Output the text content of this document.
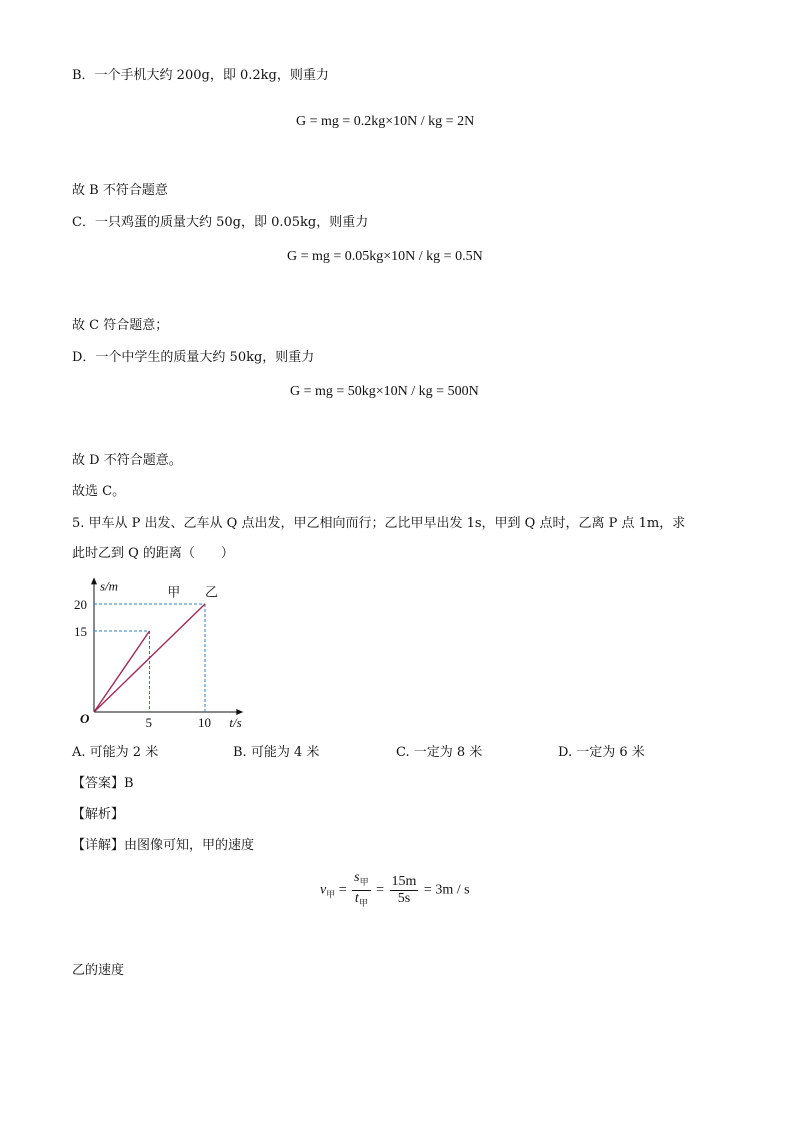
B．一个手机大约 200g，即 0.2kg，则重力
G = mg = 0.2kg×10N / kg = 2N
故 B 不符合题意
C．一只鸡蛋的质量大约 50g，即 0.05kg，则重力
G = mg = 0.05kg×10N / kg = 0.5N
故 C 符合题意；
D．一个中学生的质量大约 50kg，则重力
G = mg = 50kg×10N / kg = 500N
故 D 不符合题意。
故选 C。
5. 甲车从 P 出发、乙车从 Q 点出发，甲乙相向而行；乙比甲早出发 1s，甲到 Q 点时，乙离 P 点 1m，求
此时乙到 Q 的距离（　　）
甲 乙
20
15
5	10
O	t/s
s/m
A. 可能为 2 米	B. 可能为 4 米	C. 一定为 8 米	D. 一定为 6 米
【答案】B
【解析】
【详解】由图像可知，甲的速度
$v_甲 = \frac{s_甲}{t_甲} = \frac{15m}{5s} = 3m / s$
乙的速度
